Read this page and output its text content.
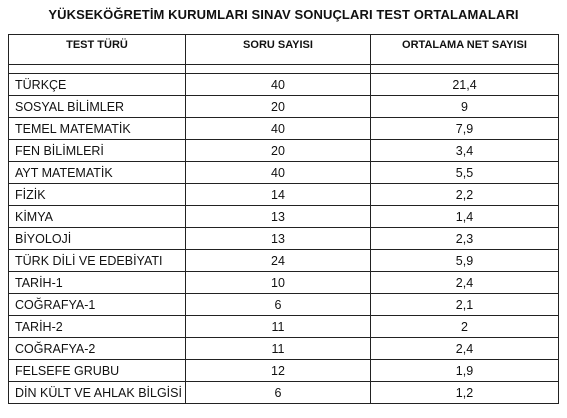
YÜKSEKÖĞRETİM KURUMLARI SINAV SONUÇLARI TEST ORTALAMALARI
TEST TÜRÜ	SORU SAYISI	ORTALAMA NET SAYISI

TÜRKÇE	40	21,4
SOSYAL BİLİMLER	20	9
TEMEL MATEMATİK	40	7,9
FEN BİLİMLERİ	20	3,4
AYT MATEMATİK	40	5,5
FİZİK	14	2,2
KİMYA	13	1,4
BİYOLOJİ	13	2,3
TÜRK DİLİ VE EDEBİYATI	24	5,9
TARİH-1	10	2,4
COĞRAFYA-1	6	2,1
TARİH-2	11	2
COĞRAFYA-2	11	2,4
FELSEFE GRUBU	12	1,9
DİN KÜLT VE AHLAK BİLGİSİ	6	1,2
